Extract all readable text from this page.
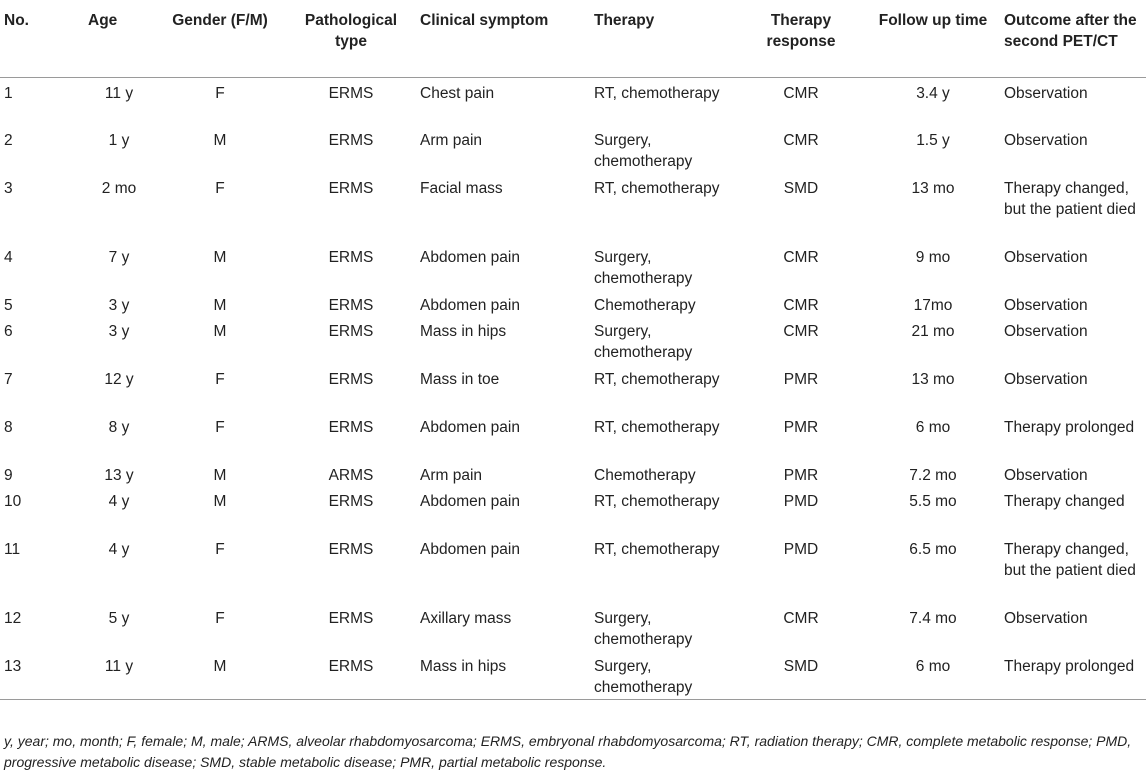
No.	Age	Gender (F/M)	Pathological type	Clinical symptom	Therapy	Therapy response	Follow up time	Outcome after the second PET/CT
1	11 y	F	ERMS	Chest pain	RT, chemotherapy	CMR	3.4 y	Observation
2	1 y	M	ERMS	Arm pain	Surgery, chemotherapy	CMR	1.5 y	Observation
3	2 mo	F	ERMS	Facial mass	RT, chemotherapy	SMD	13 mo	Therapy changed, but the patient died
4	7 y	M	ERMS	Abdomen pain	Surgery, chemotherapy	CMR	9 mo	Observation
5	3 y	M	ERMS	Abdomen pain	Chemotherapy	CMR	17mo	Observation
6	3 y	M	ERMS	Mass in hips	Surgery, chemotherapy	CMR	21 mo	Observation
7	12 y	F	ERMS	Mass in toe	RT, chemotherapy	PMR	13 mo	Observation
8	8 y	F	ERMS	Abdomen pain	RT, chemotherapy	PMR	6 mo	Therapy prolonged
9	13 y	M	ARMS	Arm pain	Chemotherapy	PMR	7.2 mo	Observation
10	4 y	M	ERMS	Abdomen pain	RT, chemotherapy	PMD	5.5 mo	Therapy changed
11	4 y	F	ERMS	Abdomen pain	RT, chemotherapy	PMD	6.5 mo	Therapy changed, but the patient died
12	5 y	F	ERMS	Axillary mass	Surgery, chemotherapy	CMR	7.4 mo	Observation
13	11 y	M	ERMS	Mass in hips	Surgery, chemotherapy	SMD	6 mo	Therapy prolonged
y, year; mo, month; F, female; M, male; ARMS, alveolar rhabdomyosarcoma; ERMS, embryonal rhabdomyosarcoma; RT, radiation therapy; CMR, complete metabolic response; PMD, progressive metabolic disease; SMD, stable metabolic disease; PMR, partial metabolic response.
